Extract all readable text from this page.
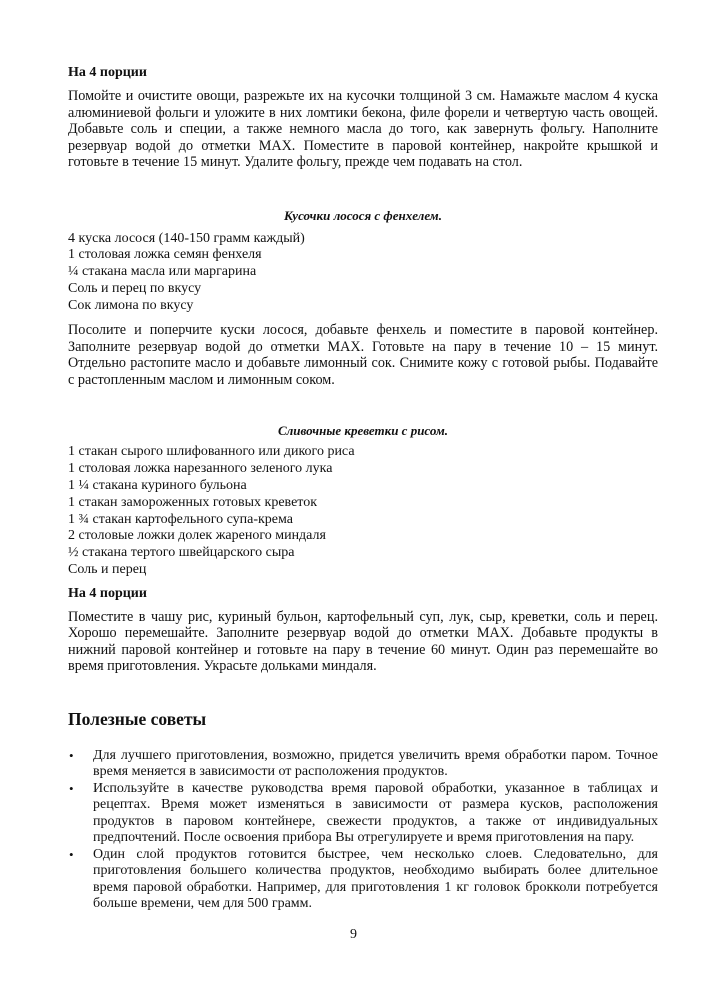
На 4 порции

Помойте и очистите овощи, разрежьте их на кусочки толщиной 3 см. Намажьте маслом 4 куска алюминиевой фольги и уложите в них ломтики бекона, филе форели и четвертую часть овощей. Добавьте соль и специи, а также немного масла до того, как завернуть фольгу. Наполните резервуар водой до отметки MAX. Поместите в паровой контейнер, накройте крышкой и готовьте в течение 15 минут. Удалите фольгу, прежде чем подавать на стол.

Кусочки лосося с фенхелем.

4 куска лосося (140-150 грамм каждый)
1 столовая ложка семян фенхеля
¼ стакана масла или маргарина
Соль и перец по вкусу
Сок лимона по вкусу

Посолите и поперчите куски лосося, добавьте фенхель и поместите в паровой контейнер. Заполните резервуар водой до отметки MAX. Готовьте на пару в течение 10 – 15 минут. Отдельно растопите масло и добавьте лимонный сок. Снимите кожу с готовой рыбы. Подавайте с растопленным маслом и лимонным соком.

Сливочные креветки с рисом.

1 стакан сырого шлифованного или дикого риса
1 столовая ложка нарезанного зеленого лука
1 ¼ стакана куриного бульона
1 стакан замороженных готовых креветок
1 ¾ стакан картофельного супа-крема
2 столовые ложки долек жареного миндаля
½ стакана тертого швейцарского сыра
Соль и перец

На 4 порции

Поместите в чашу рис, куриный бульон, картофельный суп, лук, сыр, креветки, соль и перец. Хорошо перемешайте. Заполните резервуар водой до отметки MAX. Добавьте продукты в нижний паровой контейнер и готовьте на пару в течение 60 минут. Один раз перемешайте во время приготовления. Украсьте дольками миндаля.

Полезные советы

• Для лучшего приготовления, возможно, придется увеличить время обработки паром. Точное время меняется в зависимости от расположения продуктов.
• Используйте в качестве руководства время паровой обработки, указанное в таблицах и рецептах. Время может изменяться в зависимости от размера кусков, расположения продуктов в паровом контейнере, свежести продуктов, а также от индивидуальных предпочтений. После освоения прибора Вы отрегулируете и время приготовления на пару.
• Один слой продуктов готовится быстрее, чем несколько слоев. Следовательно, для приготовления большего количества продуктов, необходимо выбирать более длительное время паровой обработки. Например, для приготовления 1 кг головок брокколи потребуется больше времени, чем для 500 грамм.
9
